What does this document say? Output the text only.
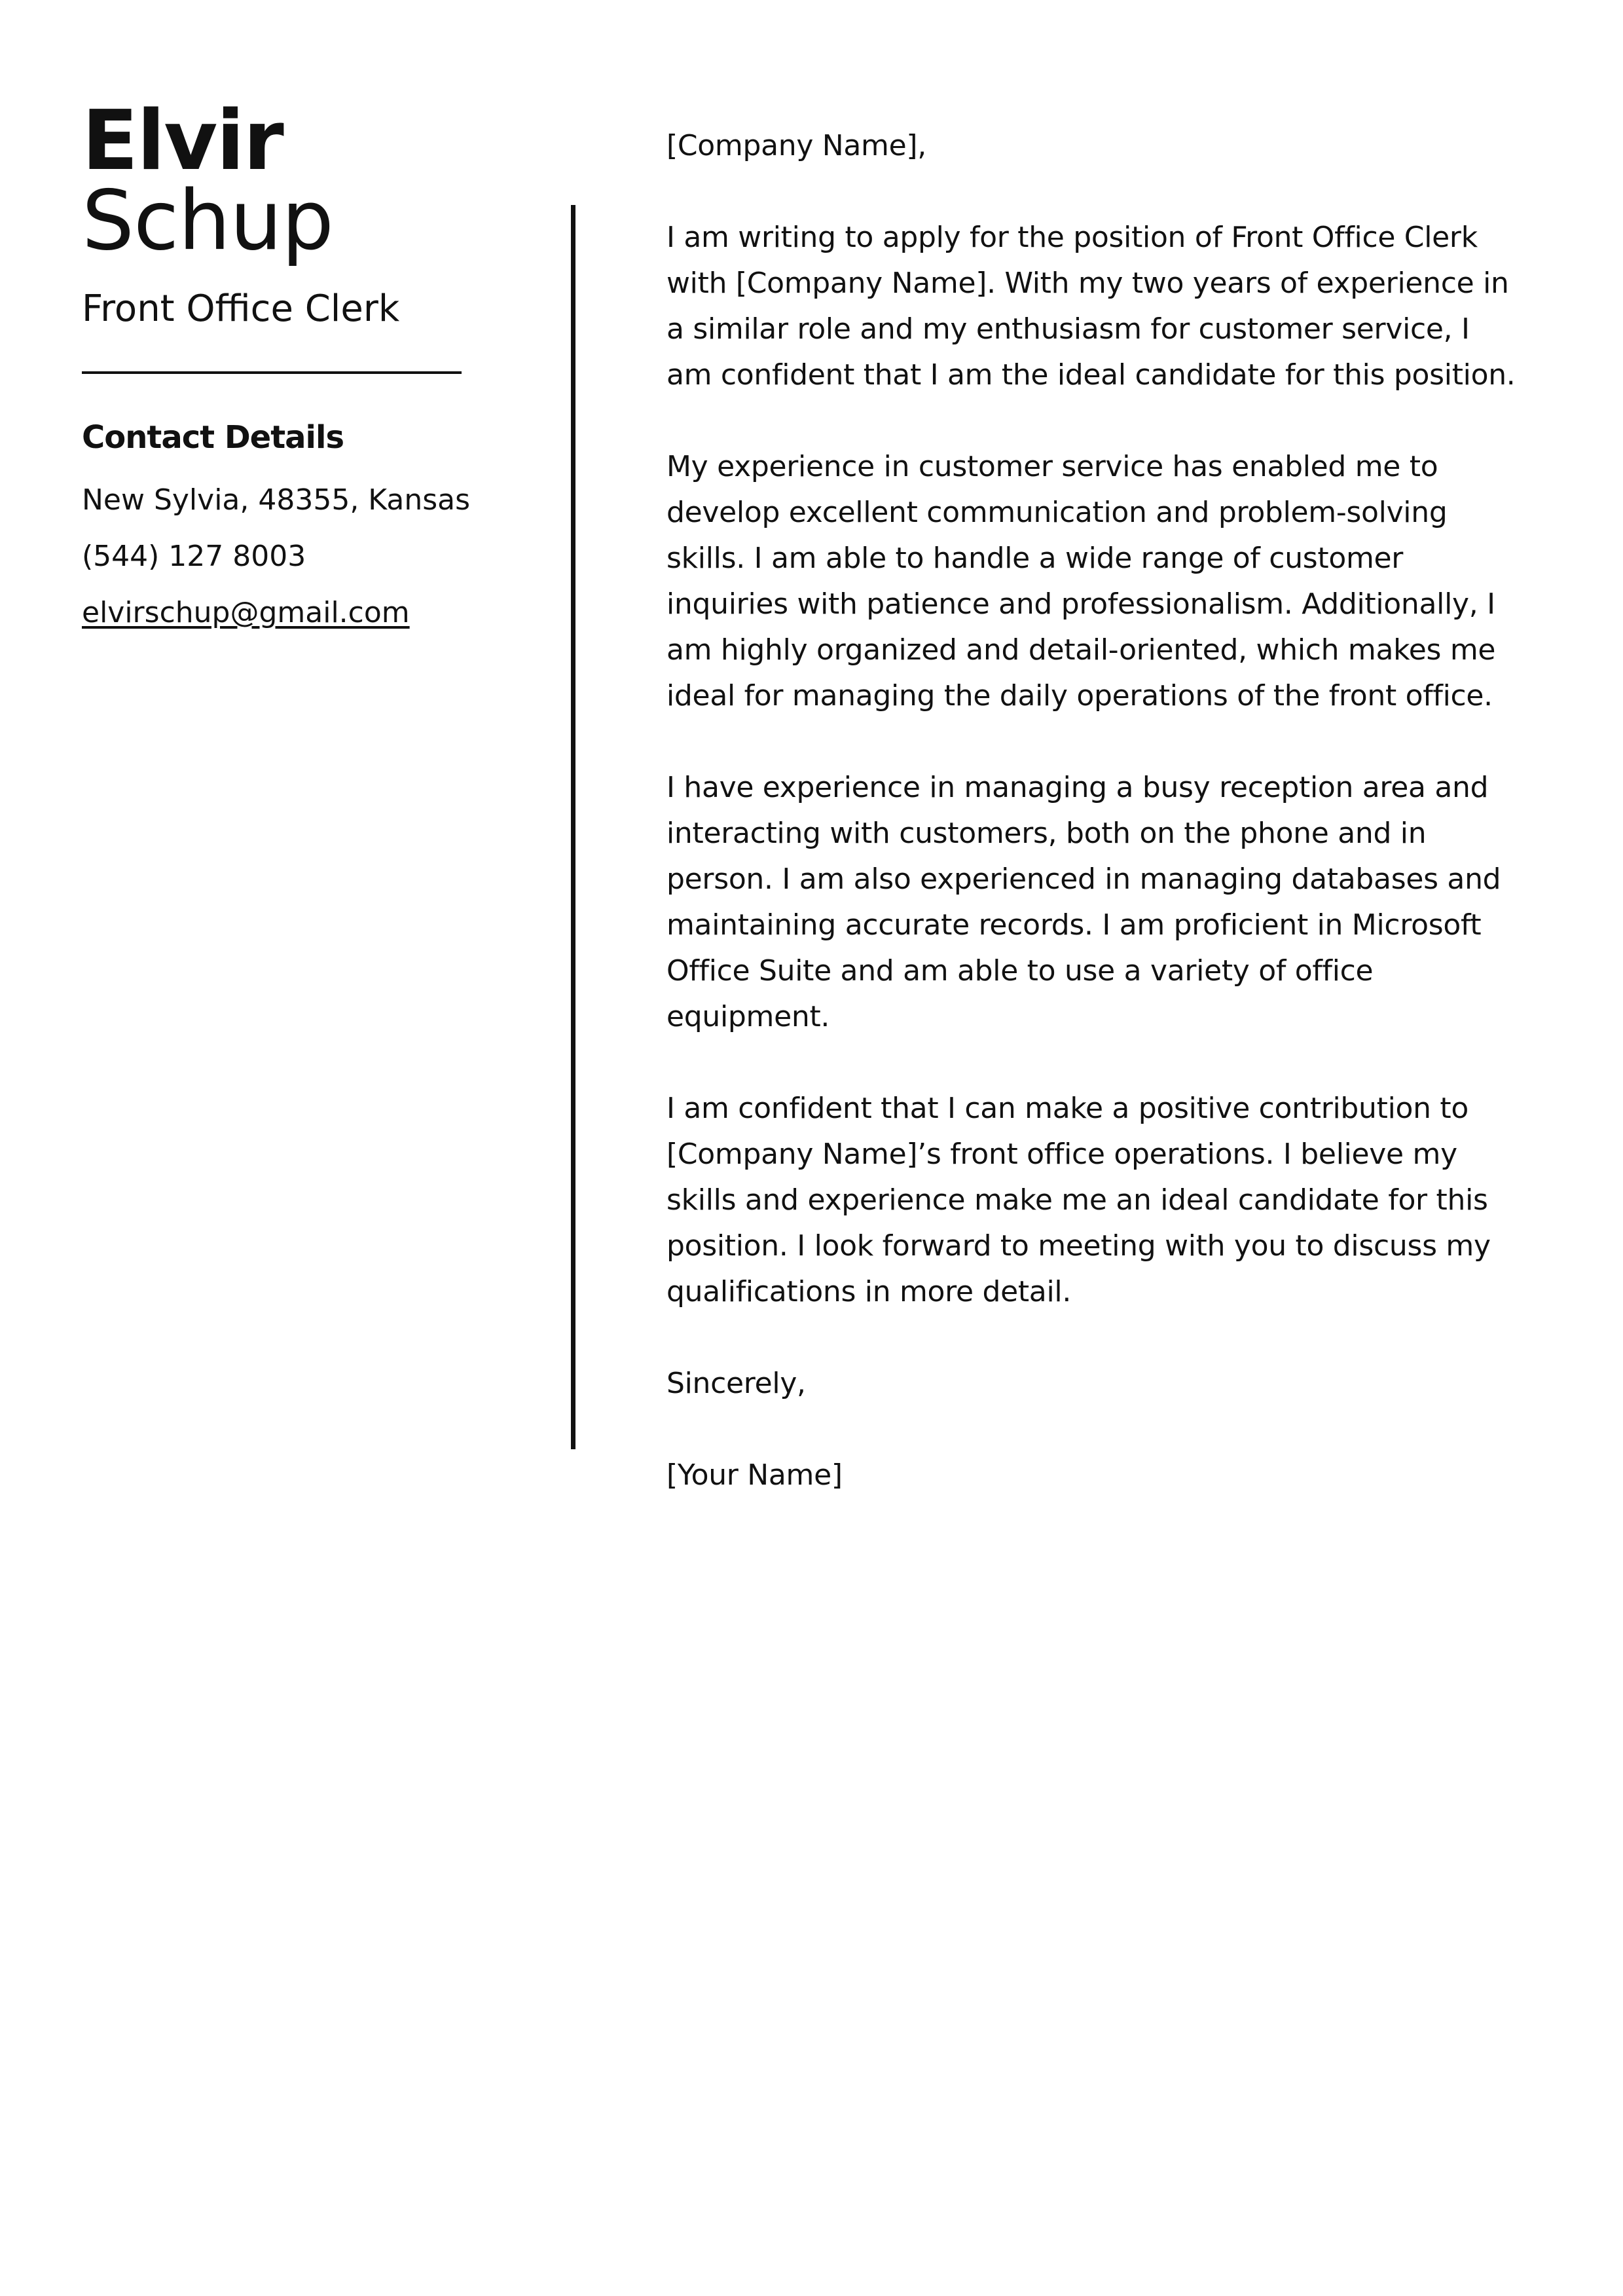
Elvir
Schup
Front Office Clerk
Contact Details
New Sylvia, 48355, Kansas
(544) 127 8003
elvirschup@gmail.com

[Company Name],

I am writing to apply for the position of Front Office Clerk with [Company Name]. With my two years of experience in a similar role and my enthusiasm for customer service, I am confident that I am the ideal candidate for this position.

My experience in customer service has enabled me to develop excellent communication and problem-solving skills. I am able to handle a wide range of customer inquiries with patience and professionalism. Additionally, I am highly organized and detail-oriented, which makes me ideal for managing the daily operations of the front office.

I have experience in managing a busy reception area and interacting with customers, both on the phone and in person. I am also experienced in managing databases and maintaining accurate records. I am proficient in Microsoft Office Suite and am able to use a variety of office equipment.

I am confident that I can make a positive contribution to [Company Name]’s front office operations. I believe my skills and experience make me an ideal candidate for this position. I look forward to meeting with you to discuss my qualifications in more detail.

Sincerely,

[Your Name]
